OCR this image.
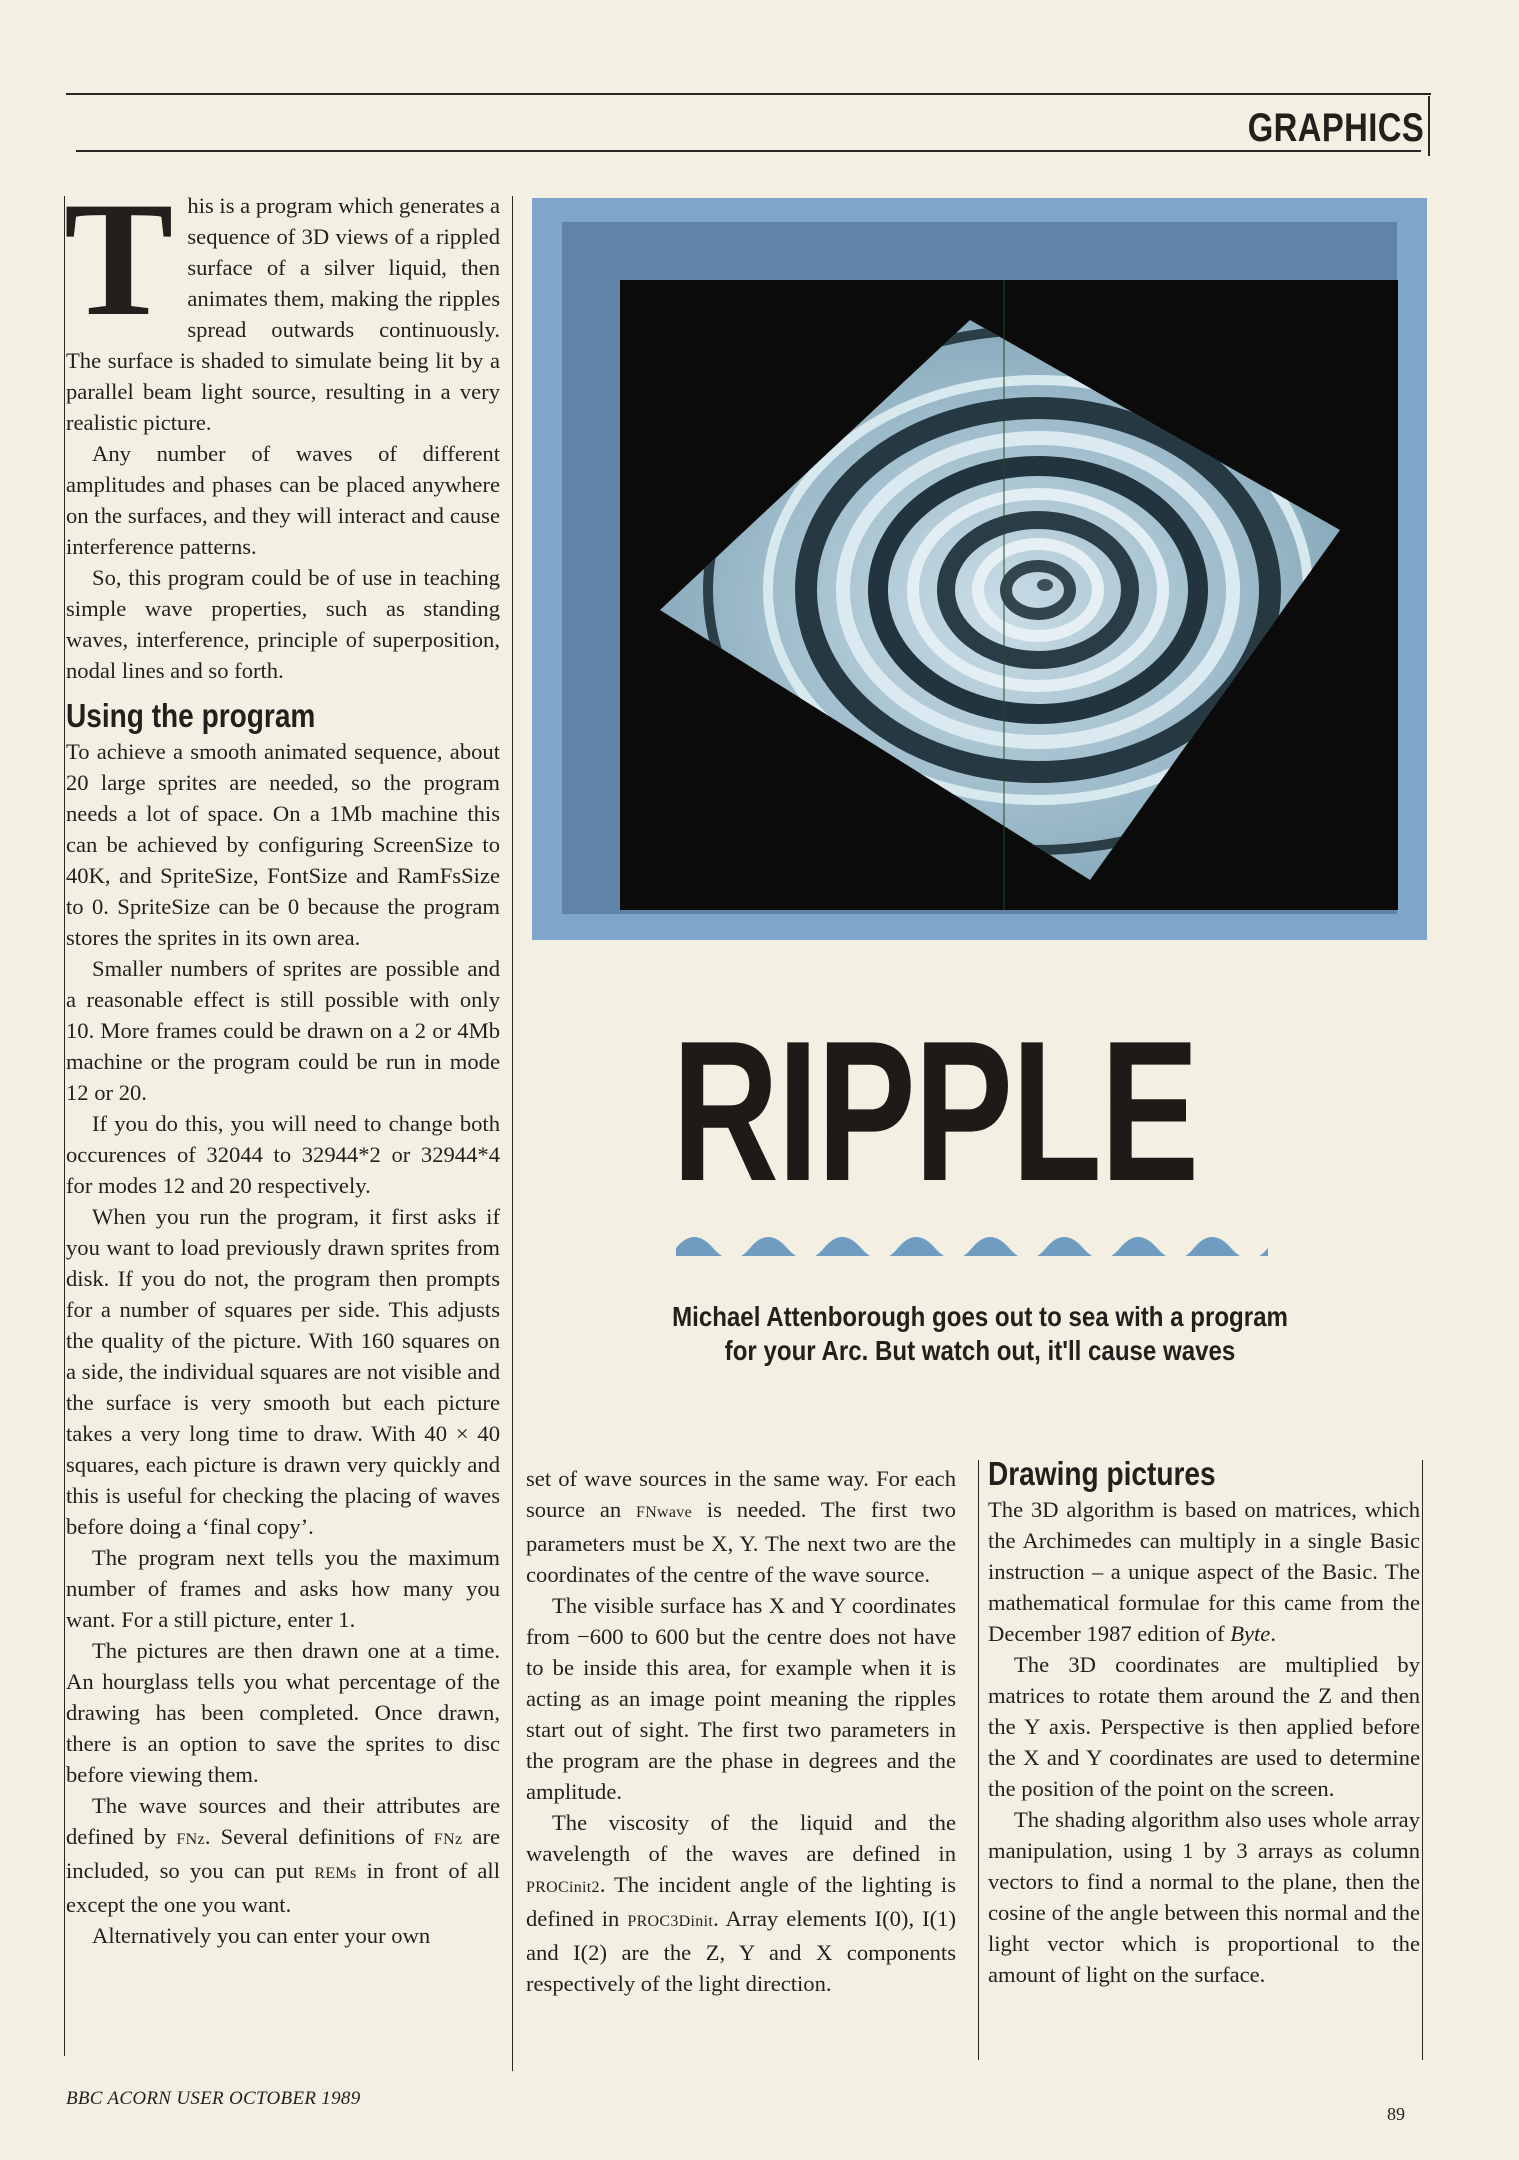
GRAPHICS

This is a program which generates a sequence of 3D views of a rippled surface of a silver liquid, then animates them, making the ripples spread outwards continuously. The surface is shaded to simulate being lit by a parallel beam light source, resulting in a very realistic picture.

Any number of waves of different amplitudes and phases can be placed anywhere on the surfaces, and they will interact and cause interference patterns.

So, this program could be of use in teaching simple wave properties, such as standing waves, interference, principle of superposition, nodal lines and so forth.

Using the program

To achieve a smooth animated sequence, about 20 large sprites are needed, so the program needs a lot of space. On a 1Mb machine this can be achieved by configuring ScreenSize to 40K, and SpriteSize, FontSize and RamFsSize to 0. SpriteSize can be 0 because the program stores the sprites in its own area.

Smaller numbers of sprites are possible and a reasonable effect is still possible with only 10. More frames could be drawn on a 2 or 4Mb machine or the program could be run in mode 12 or 20.

If you do this, you will need to change both occurences of 32044 to 32944*2 or 32944*4 for modes 12 and 20 respectively.

When you run the program, it first asks if you want to load previously drawn sprites from disk. If you do not, the program then prompts for a number of squares per side. This adjusts the quality of the picture. With 160 squares on a side, the individual squares are not visible and the surface is very smooth but each picture takes a very long time to draw. With 40 × 40 squares, each picture is drawn very quickly and this is useful for checking the placing of waves before doing a ‘final copy’.

The program next tells you the maximum number of frames and asks how many you want. For a still picture, enter 1.

The pictures are then drawn one at a time. An hourglass tells you what percentage of the drawing has been completed. Once drawn, there is an option to save the sprites to disc before viewing them.

The wave sources and their attributes are defined by FNz. Several definitions of FNz are included, so you can put REMs in front of all except the one you want.

Alternatively you can enter your own

RIPPLE
Michael Attenborough goes out to sea with a program
for your Arc. But watch out, it'll cause waves

set of wave sources in the same way. For each source an FNwave is needed. The first two parameters must be X, Y. The next two are the coordinates of the centre of the wave source.

The visible surface has X and Y coordinates from −600 to 600 but the centre does not have to be inside this area, for example when it is acting as an image point meaning the ripples start out of sight. The first two parameters in the program are the phase in degrees and the amplitude.

The viscosity of the liquid and the wavelength of the waves are defined in PROCinit2. The incident angle of the lighting is defined in PROC3Dinit. Array elements I(0), I(1) and I(2) are the Z, Y and X components respectively of the light direction.

Drawing pictures

The 3D algorithm is based on matrices, which the Archimedes can multiply in a single Basic instruction – a unique aspect of the Basic. The mathematical formulae for this came from the December 1987 edition of Byte.

The 3D coordinates are multiplied by matrices to rotate them around the Z and then the Y axis. Perspective is then applied before the X and Y coordinates are used to determine the position of the point on the screen.

The shading algorithm also uses whole array manipulation, using 1 by 3 arrays as column vectors to find a normal to the plane, then the cosine of the angle between this normal and the light vector which is proportional to the amount of light on the surface.

BBC ACORN USER OCTOBER 1989
89
